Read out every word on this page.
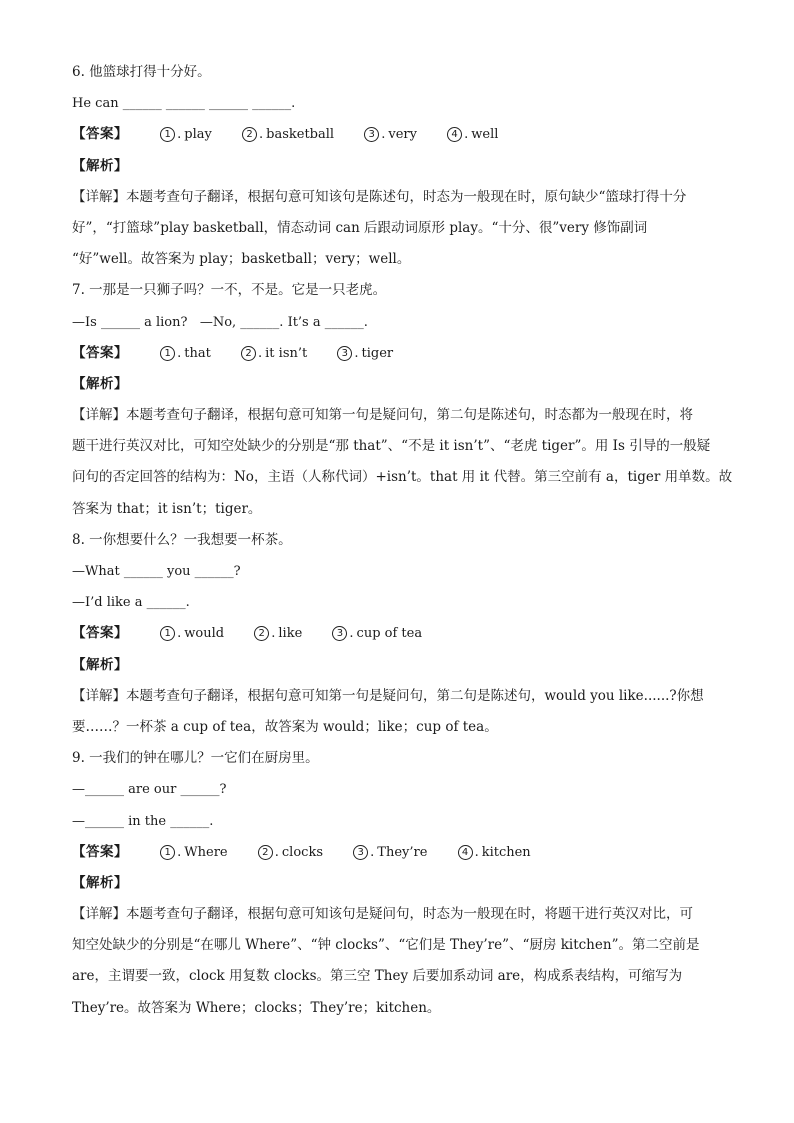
6. 他篮球打得十分好。
He can ______ ______ ______ ______.
【答案】	1 . play	2 . basketball	3 . very	4 . well
【解析】
【详解】本题考查句子翻译，根据句意可知该句是陈述句，时态为一般现在时，原句缺少“篮球打得十分
好”，“打篮球”play basketball，情态动词 can 后跟动词原形 play。“十分、很”very 修饰副词
“好”well。故答案为 play；basketball；very；well。
7. 一那是一只狮子吗？一不，不是。它是一只老虎。
—Is ______ a lion?   —No, ______. It’s a ______.
【答案】	1 . that	2 . it isn’t	3 . tiger
【解析】
【详解】本题考查句子翻译，根据句意可知第一句是疑问句，第二句是陈述句，时态都为一般现在时，将
题干进行英汉对比，可知空处缺少的分别是“那 that”、“不是 it isn’t”、“老虎 tiger”。用 Is 引导的一般疑
问句的否定回答的结构为：No，主语（人称代词）+isn’t。that 用 it 代替。第三空前有 a，tiger 用单数。故
答案为 that；it isn’t；tiger。
8. 一你想要什么？一我想要一杯茶。
—What ______ you ______?
—I’d like a ______.
【答案】	1 . would	2 . like	3 . cup of tea
【解析】
【详解】本题考查句子翻译，根据句意可知第一句是疑问句，第二句是陈述句，would you like......?你想
要……？一杯茶 a cup of tea，故答案为 would；like；cup of tea。
9. 一我们的钟在哪儿？一它们在厨房里。
—______ are our ______?
—______ in the ______.
【答案】	1 . Where	2 . clocks	3 . They’re	4 . kitchen
【解析】
【详解】本题考查句子翻译，根据句意可知该句是疑问句，时态为一般现在时，将题干进行英汉对比，可
知空处缺少的分别是“在哪儿 Where”、“钟 clocks”、“它们是 They’re”、“厨房 kitchen”。第二空前是
are，主谓要一致，clock 用复数 clocks。第三空 They 后要加系动词 are，构成系表结构，可缩写为
They’re。故答案为 Where；clocks；They’re；kitchen。
